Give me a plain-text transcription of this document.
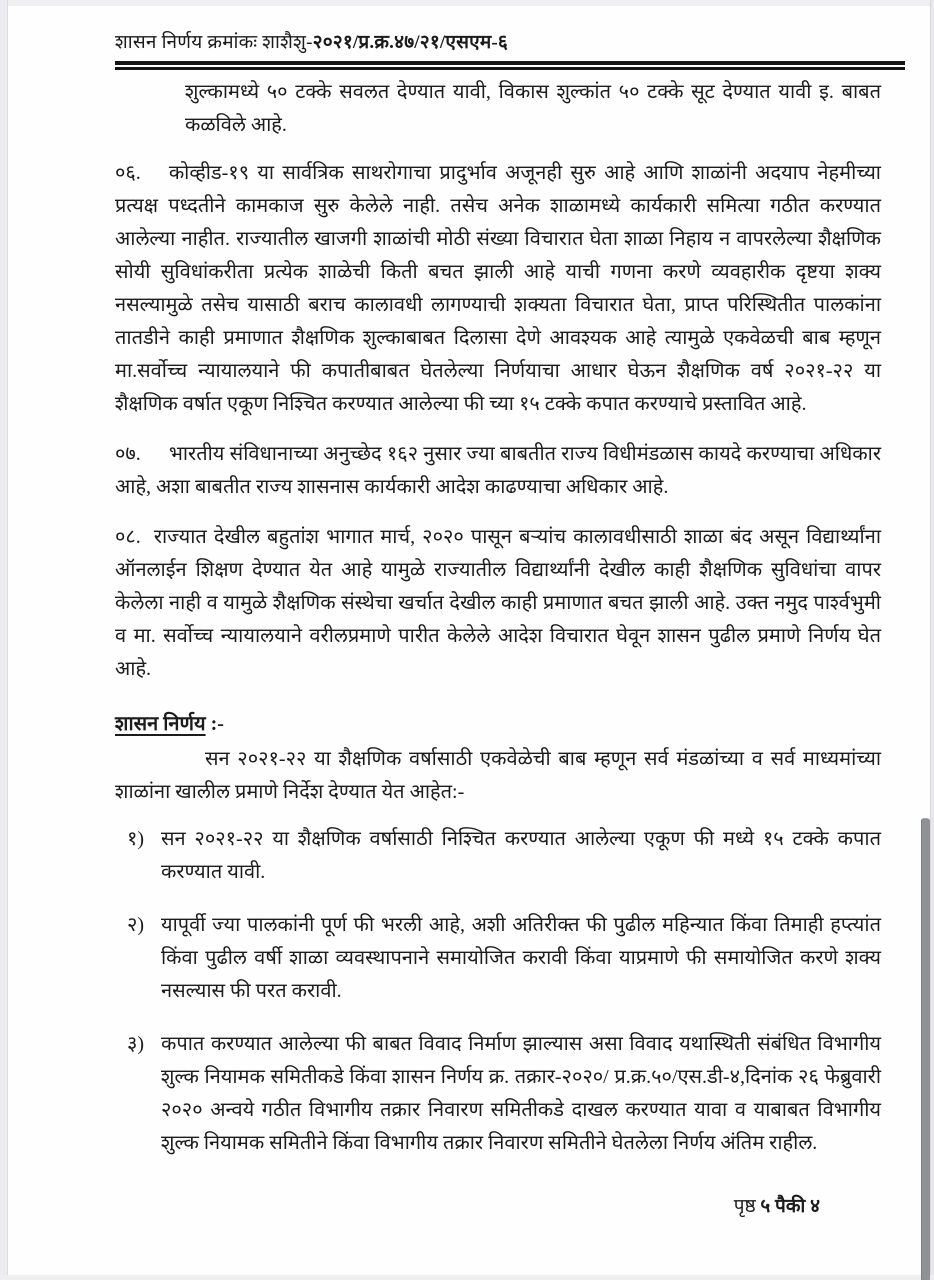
शासन निर्णय क्रमांकः शाशैशु-२०२१/प्र.क्र.४७/२१/एसएम-६

शुल्कामध्ये ५० टक्के सवलत देण्यात यावी, विकास शुल्कांत ५० टक्के सूट देण्यात यावी इ. बाबत कळविले आहे.

०६. कोव्हीड-१९ या सार्वत्रिक साथरोगाचा प्रादुर्भाव अजूनही सुरु आहे आणि शाळांनी अदयाप नेहमीच्या प्रत्यक्ष पध्दतीने कामकाज सुरु केलेले नाही. तसेच अनेक शाळामध्ये कार्यकारी समित्या गठीत करण्यात आलेल्या नाहीत. राज्यातील खाजगी शाळांची मोठी संख्या विचारात घेता शाळा निहाय न वापरलेल्या शैक्षणिक सोयी सुविधांकरीता प्रत्येक शाळेची किती बचत झाली आहे याची गणना करणे व्यवहारीक दृष्टया शक्य नसल्यामुळे तसेच यासाठी बराच कालावधी लागण्याची शक्यता विचारात घेता, प्राप्त परिस्थितीत पालकांना तातडीने काही प्रमाणात शैक्षणिक शुल्काबाबत दिलासा देणे आवश्यक आहे त्यामुळे एकवेळची बाब म्हणून मा.सर्वोच्च न्यायालयाने फी कपातीबाबत घेतलेल्या निर्णयाचा आधार घेऊन शैक्षणिक वर्ष २०२१-२२ या शैक्षणिक वर्षात एकूण निश्चित करण्यात आलेल्या फी च्या १५ टक्के कपात करण्याचे प्रस्तावित आहे.

०७. भारतीय संविधानाच्या अनुच्छेद १६२ नुसार ज्या बाबतीत राज्य विधीमंडळास कायदे करण्याचा अधिकार आहे, अशा बाबतीत राज्य शासनास कार्यकारी आदेश काढण्याचा अधिकार आहे.

०८. राज्यात देखील बहुतांश भागात मार्च, २०२० पासून बऱ्यांच कालावधीसाठी शाळा बंद असून विद्यार्थ्यांना ऑनलाईन शिक्षण देण्यात येत आहे यामुळे राज्यातील विद्यार्थ्यांनी देखील काही शैक्षणिक सुविधांचा वापर केलेला नाही व यामुळे शैक्षणिक संस्थेचा खर्चात देखील काही प्रमाणात बचत झाली आहे. उक्त नमुद पार्श्वभुमी व मा. सर्वोच्च न्यायालयाने वरीलप्रमाणे पारीत केलेले आदेश विचारात घेवून शासन पुढील प्रमाणे निर्णय घेत आहे.

शासन निर्णय :-

सन २०२१-२२ या शैक्षणिक वर्षासाठी एकवेळेची बाब म्हणून सर्व मंडळांच्या व सर्व माध्यमांच्या शाळांना खालील प्रमाणे निर्देश देण्यात येत आहेत:-

१) सन २०२१-२२ या शैक्षणिक वर्षासाठी निश्चित करण्यात आलेल्या एकूण फी मध्ये १५ टक्के कपात करण्यात यावी.
२) यापूर्वी ज्या पालकांनी पूर्ण फी भरली आहे, अशी अतिरीक्त फी पुढील महिन्यात किंवा तिमाही हप्त्यांत किंवा पुढील वर्षी शाळा व्यवस्थापनाने समायोजित करावी किंवा याप्रमाणे फी समायोजित करणे शक्य नसल्यास फी परत करावी.
३) कपात करण्यात आलेल्या फी बाबत विवाद निर्माण झाल्यास असा विवाद यथास्थिती संबंधित विभागीय शुल्क नियामक समितीकडे किंवा शासन निर्णय क्र. तक्रार-२०२०/ प्र.क्र.५०/एस.डी-४,दिनांक २६ फेब्रुवारी २०२० अन्वये गठीत विभागीय तक्रार निवारण समितीकडे दाखल करण्यात यावा व याबाबत विभागीय शुल्क नियामक समितीने किंवा विभागीय तक्रार निवारण समितीने घेतलेला निर्णय अंतिम राहील.
पृष्ठ ५ पैकी ४
